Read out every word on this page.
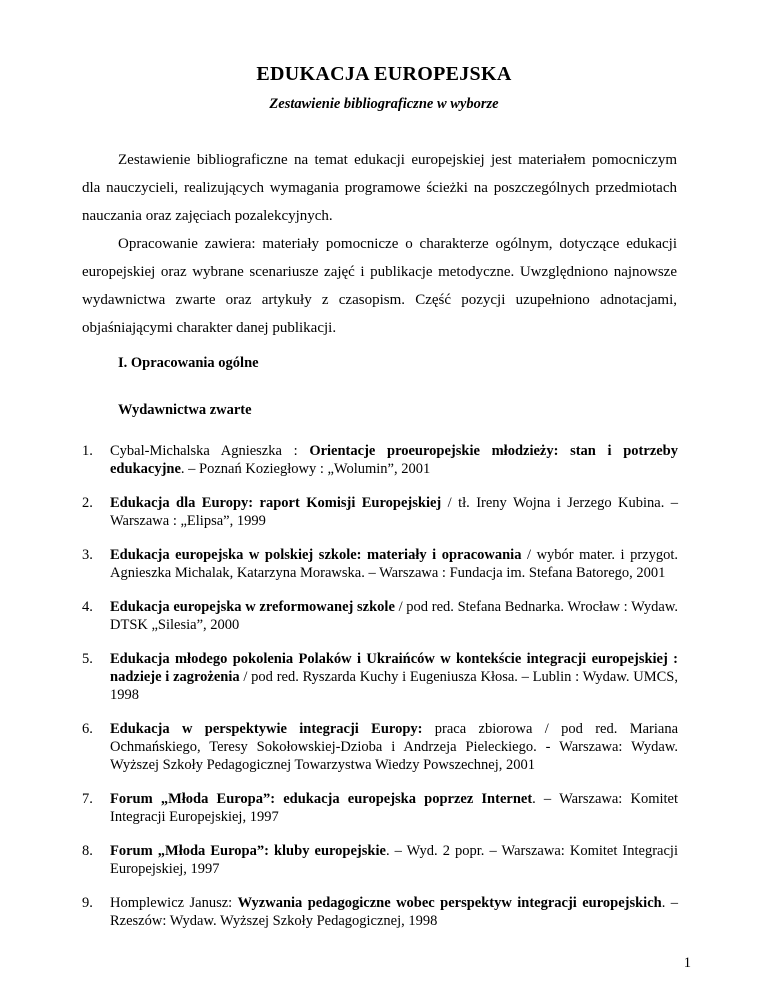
EDUKACJA EUROPEJSKA

Zestawienie bibliograficzne w wyborze

Zestawienie bibliograficzne na temat edukacji europejskiej jest materiałem pomocniczym dla nauczycieli, realizujących wymagania programowe ścieżki na poszczególnych przedmiotach nauczania oraz zajęciach pozalekcyjnych.

Opracowanie zawiera: materiały pomocnicze o charakterze ogólnym, dotyczące edukacji europejskiej oraz wybrane scenariusze zajęć i publikacje metodyczne. Uwzględniono najnowsze wydawnictwa zwarte oraz artykuły z czasopism. Część pozycji uzupełniono adnotacjami, objaśniającymi charakter danej publikacji.

I. Opracowania ogólne

Wydawnictwa zwarte

1. Cybal-Michalska Agnieszka : Orientacje proeuropejskie młodzieży: stan i potrzeby edukacyjne. – Poznań Koziegłowy : „Wolumin”, 2001
2. Edukacja dla Europy: raport Komisji Europejskiej / tł. Ireny Wojna i Jerzego Kubina. – Warszawa : „Elipsa”, 1999
3. Edukacja europejska w polskiej szkole: materiały i opracowania / wybór mater. i przygot. Agnieszka Michalak, Katarzyna Morawska. – Warszawa : Fundacja im. Stefana Batorego, 2001
4. Edukacja europejska w zreformowanej szkole / pod red. Stefana Bednarka. Wrocław : Wydaw. DTSK „Silesia”, 2000
5. Edukacja młodego pokolenia Polaków i Ukraińców w kontekście integracji europejskiej : nadzieje i zagrożenia / pod red. Ryszarda Kuchy i Eugeniusza Kłosa. – Lublin : Wydaw. UMCS, 1998
6. Edukacja w perspektywie integracji Europy: praca zbiorowa / pod red. Mariana Ochmańskiego, Teresy Sokołowskiej-Dzioba i Andrzeja Pieleckiego. - Warszawa: Wydaw. Wyższej Szkoły Pedagogicznej Towarzystwa Wiedzy Powszechnej, 2001
7. Forum „Młoda Europa”: edukacja europejska poprzez Internet. – Warszawa: Komitet Integracji Europejskiej, 1997
8. Forum „Młoda Europa”: kluby europejskie. – Wyd. 2 popr. – Warszawa: Komitet Integracji Europejskiej, 1997
9. Homplewicz Janusz: Wyzwania pedagogiczne wobec perspektyw integracji europejskich. – Rzeszów: Wydaw. Wyższej Szkoły Pedagogicznej, 1998

1
